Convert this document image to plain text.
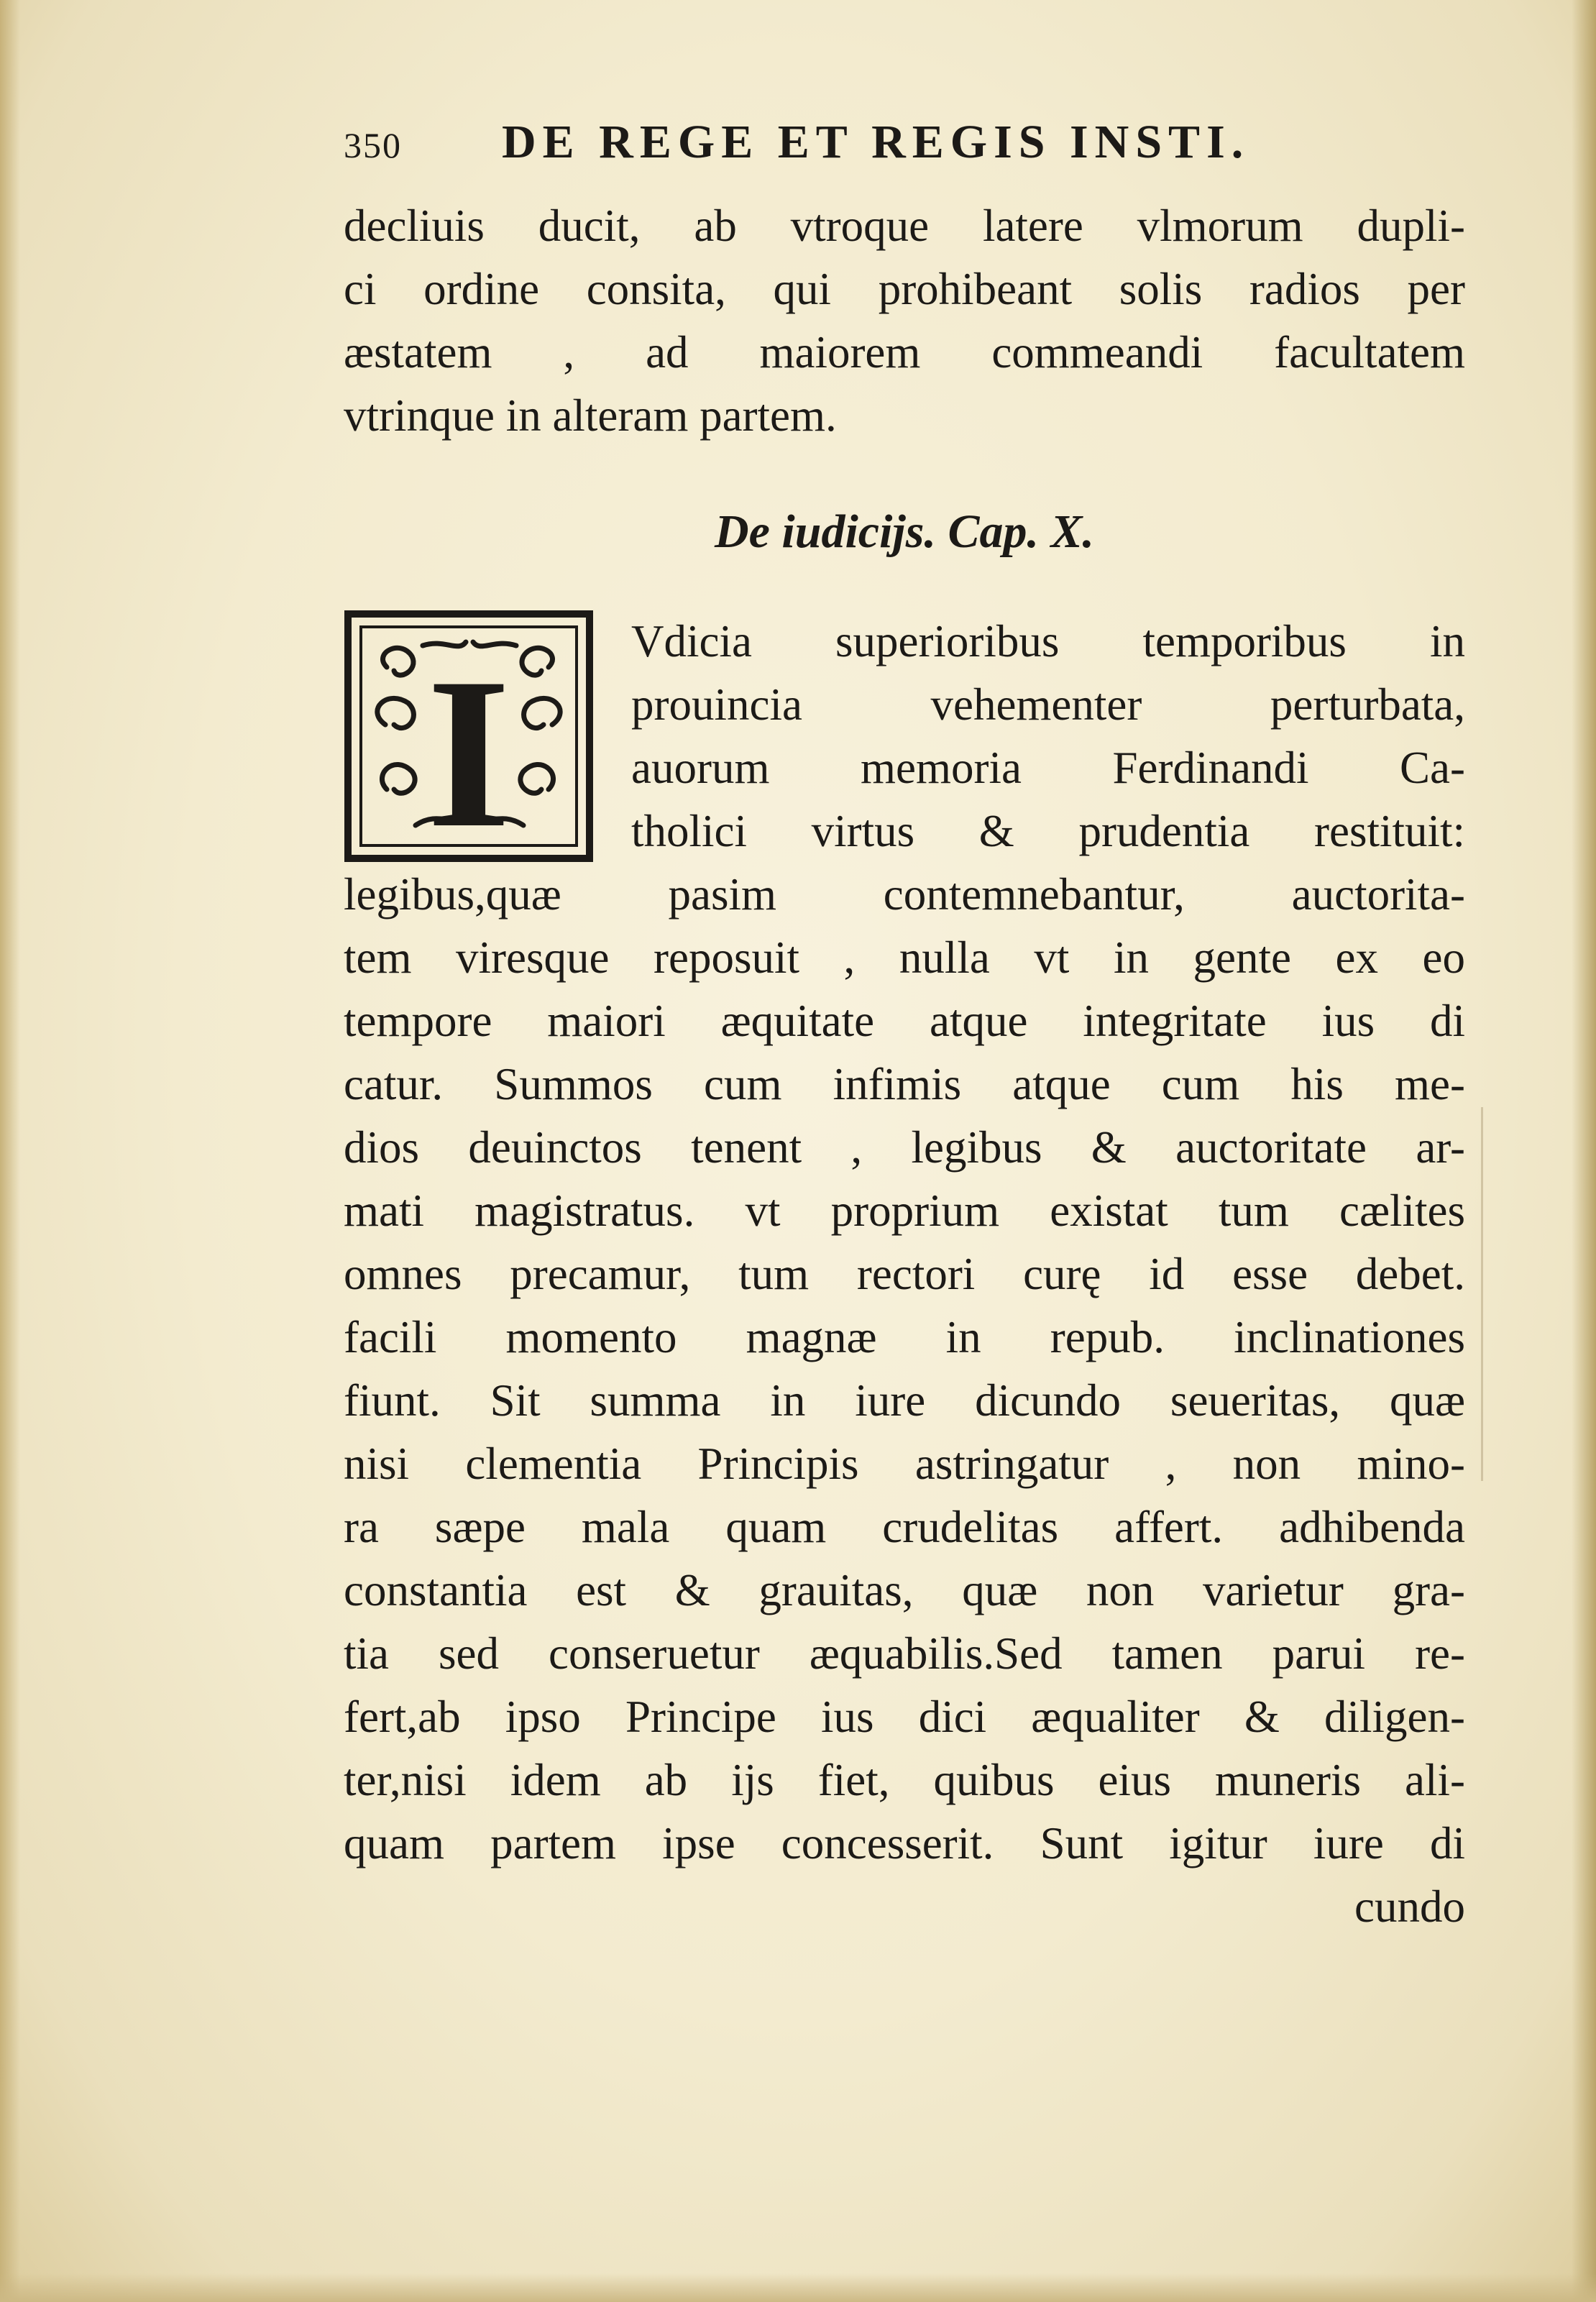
350	DE REGE ET REGIS INSTI.
decliuis ducit, ab vtroque latere vlmorum dupli-
ci ordine consita, qui prohibeant solis radios per
æstatem , ad maiorem commeandi facultatem
vtrinque in alteram partem.
De iudicijs. Cap. X.
I	Vdicia superioribus temporibus in
prouincia vehementer perturbata,
auorum memoria Ferdinandi Ca-
tholici virtus & prudentia restituit:
legibus,quæ pasim contemnebantur, auctorita-
tem viresque reposuit , nulla vt in gente ex eo
tempore maiori æquitate atque integritate ius di
catur. Summos cum infimis atque cum his me-
dios deuinctos tenent , legibus & auctoritate ar-
mati magistratus. vt proprium existat tum cælites
omnes precamur, tum rectori curę id esse debet.
facili momento magnæ in repub. inclinationes
fiunt. Sit summa in iure dicundo seueritas, quæ
nisi clementia Principis astringatur , non mino-
ra sæpe mala quam crudelitas affert. adhibenda
constantia est & grauitas, quæ non varietur gra-
tia sed conseruetur æquabilis.Sed tamen parui re-
fert,ab ipso Principe ius dici æqualiter & diligen-
ter,nisi idem ab ijs fiet, quibus eius muneris ali-
quam partem ipse concesserit. Sunt igitur iure di
cundo
